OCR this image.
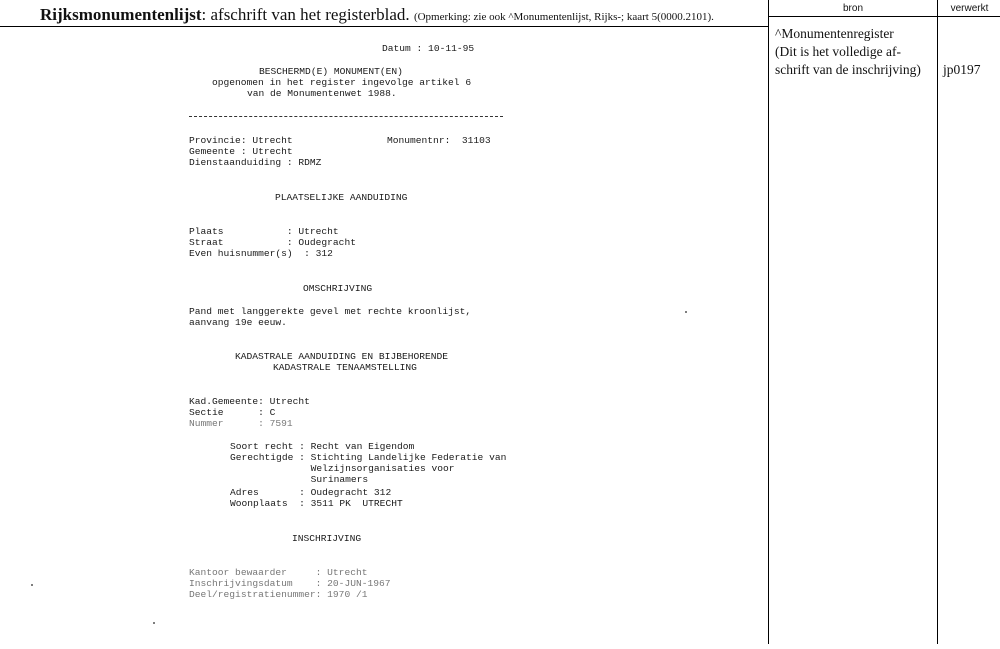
Rijksmonumentenlijst: afschrift van het registerblad. (Opmerking: zie ook ^Monumentenlijst, Rijks-; kaart 5(0000.2101).
bron	verwerkt
^Monumentenregister
(Dit is het volledige af-
schrift van de inschrijving)	jp0197
Datum : 10-11-95
BESCHERMD(E) MONUMENT(EN)
opgenomen in het register ingevolge artikel 6
van de Monumentenwet 1988.
Provincie: Utrecht	Monumentnr:  31103
Gemeente : Utrecht
Dienstaanduiding : RDMZ
PLAATSELIJKE AANDUIDING
Plaats           : Utrecht
Straat           : Oudegracht
Even huisnummer(s)  : 312
OMSCHRIJVING
Pand met langgerekte gevel met rechte kroonlijst,
aanvang 19e eeuw.
KADASTRALE AANDUIDING EN BIJBEHORENDE
KADASTRALE TENAAMSTELLING
Kad.Gemeente: Utrecht
Sectie      : C
Nummer      : 7591
Soort recht : Recht van Eigendom
Gerechtigde : Stichting Landelijke Federatie van
Welzijnsorganisaties voor
Surinamers
Adres       : Oudegracht 312
Woonplaats  : 3511 PK  UTRECHT
INSCHRIJVING
Kantoor bewaarder     : Utrecht
Inschrijvingsdatum    : 20-JUN-1967
Deel/registratienummer: 1970 /1
